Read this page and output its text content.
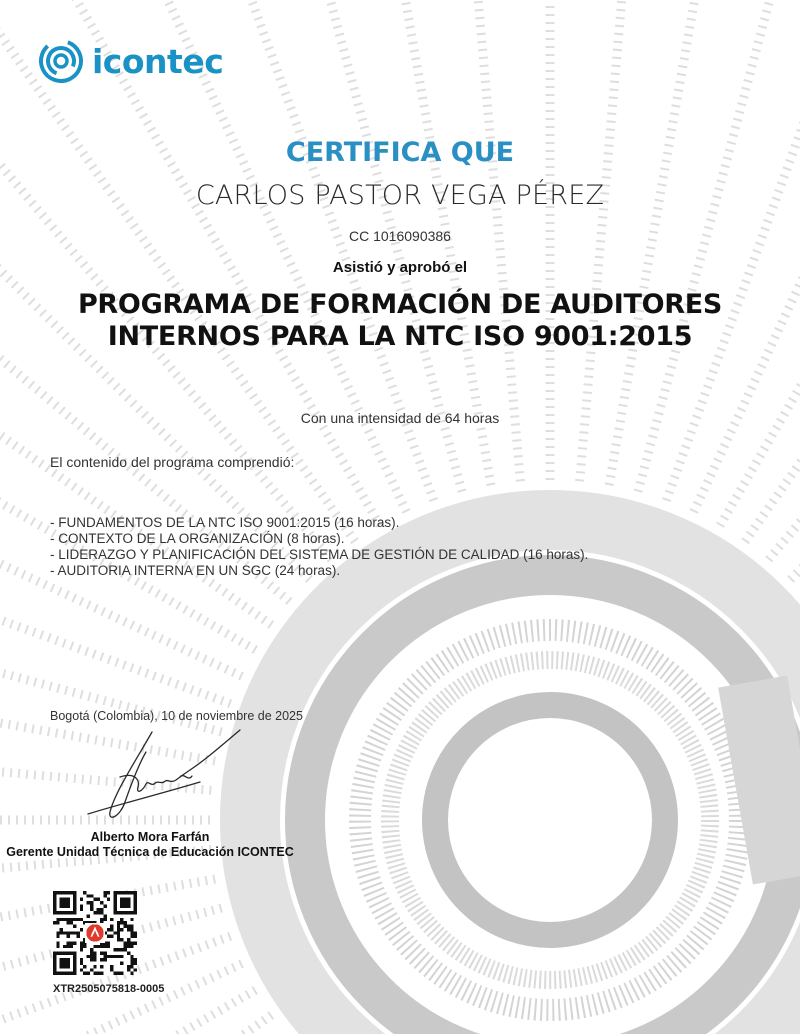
icontec
CERTIFICA QUE
CARLOS PASTOR VEGA PÉREZ
CC 1016090386
Asistió y aprobó el
PROGRAMA DE FORMACIÓN DE AUDITORES
INTERNOS PARA LA NTC ISO 9001:2015
Con una intensidad de 64 horas
El contenido del programa comprendió:
- FUNDAMENTOS DE LA NTC ISO 9001:2015 (16 horas).
- CONTEXTO DE LA ORGANIZACIÓN (8 horas).
- LIDERAZGO Y PLANIFICACIÓN DEL SISTEMA DE GESTIÓN DE CALIDAD (16 horas).
- AUDITORIA INTERNA EN UN SGC (24 horas).
Bogotá (Colombia), 10 de noviembre de 2025
Alberto Mora Farfán
Gerente Unidad Técnica de Educación ICONTEC
XTR2505075818-0005
